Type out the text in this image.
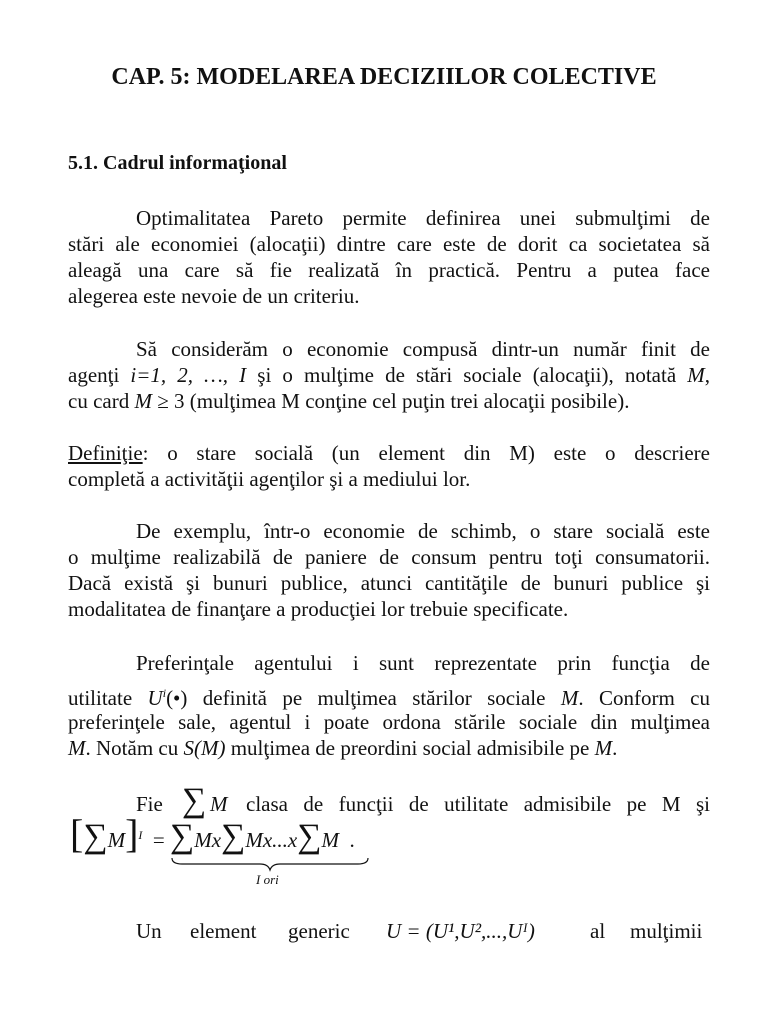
CAP. 5: MODELAREA DECIZIILOR COLECTIVE
5.1. Cadrul informaţional
Optimalitatea Pareto permite definirea unei submulţimi de
stări ale economiei (alocaţii) dintre care este de dorit ca societatea să
aleagă una care să fie realizată în practică. Pentru a putea face
alegerea este nevoie de un criteriu.
Să considerăm o economie compusă dintr-un număr finit de
agenţi i=1, 2, …, I şi o mulţime de stări sociale (alocaţii), notată M,
cu card M ≥ 3 (mulţimea M conţine cel puţin trei alocaţii posibile).
Definiţie: o stare socială (un element din M) este o descriere
completă a activităţii agenţilor şi a mediului lor.
De exemplu, într-o economie de schimb, o stare socială este
o mulţime realizabilă de paniere de consum pentru toţi consumatorii.
Dacă există şi bunuri publice, atunci cantităţile de bunuri publice şi
modalitatea de finanţare a producţiei lor trebuie specificate.
Preferinţale agentului i sunt reprezentate prin funcţia de
utilitate $U^i(•)$ definită pe mulţimea stărilor sociale M. Conform cu
preferinţele sale, agentul i poate ordona stările sociale din mulţimea
M. Notăm cu S(M) mulţimea de preordini social admisibile pe M.
Fie ∑ M clasa de funcţii de utilitate admisibile pe M şi
$[\sum M]^I = \sum Mx\sum Mx...x\sum M$ .
I ori
Un element generic U = (U¹,U²,...,Uᴵ)	al mulţimii
